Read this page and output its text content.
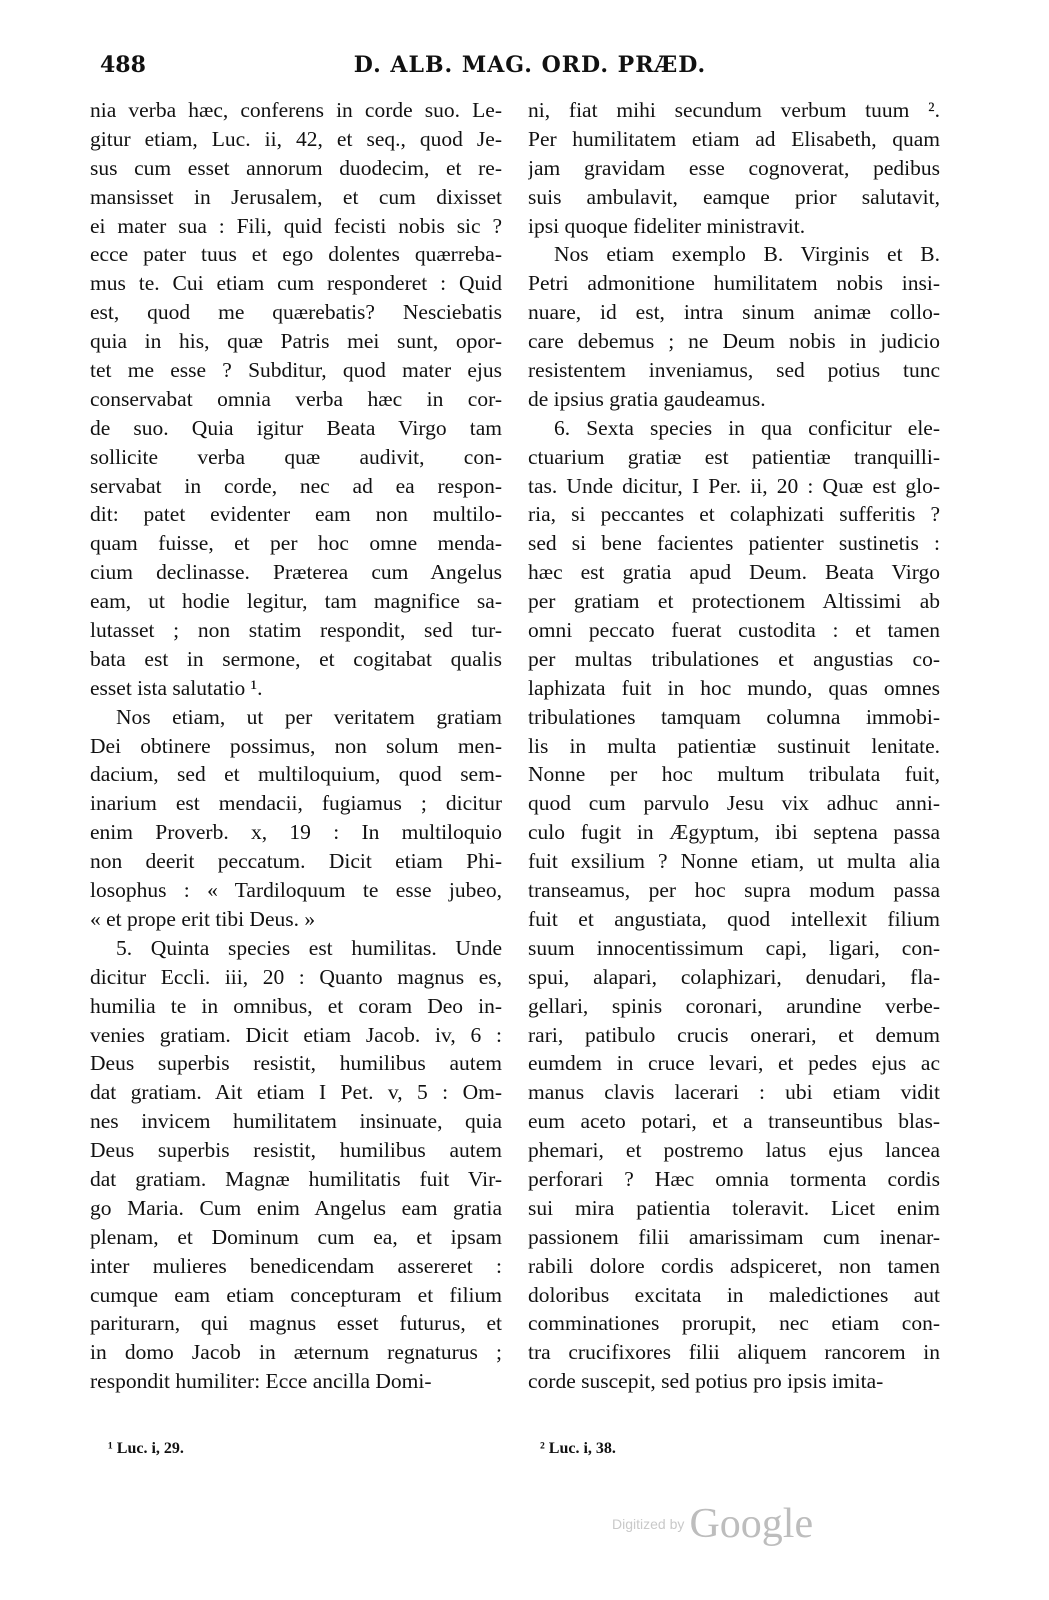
488	D. ALB. MAG. ORD. PRÆD.
nia verba hæc, conferens in corde suo. Le-
gitur etiam, Luc. ii, 42, et seq., quod Je-
sus cum esset annorum duodecim, et re-
mansisset in Jerusalem, et cum dixisset
ei mater sua : Fili, quid fecisti nobis sic ?
ecce pater tuus et ego dolentes quærreba-
mus te. Cui etiam cum responderet : Quid
est, quod me quærebatis? Nesciebatis
quia in his, quæ Patris mei sunt, opor-
tet me esse ? Subditur, quod mater ejus
conservabat omnia verba hæc in cor-
de suo. Quia igitur Beata Virgo tam
sollicite verba quæ audivit, con-
servabat in corde, nec ad ea respon-
dit: patet evidenter eam non multilo-
quam fuisse, et per hoc omne menda-
cium declinasse. Præterea cum Angelus
eam, ut hodie legitur, tam magnifice sa-
lutasset ; non statim respondit, sed tur-
bata est in sermone, et cogitabat qualis
esset ista salutatio ¹.
Nos etiam, ut per veritatem gratiam
Dei obtinere possimus, non solum men-
dacium, sed et multiloquium, quod sem-
inarium est mendacii, fugiamus ; dicitur
enim Proverb. x, 19 : In multiloquio
non deerit peccatum. Dicit etiam Phi-
losophus : « Tardiloquum te esse jubeo,
« et prope erit tibi Deus. »
5. Quinta species est humilitas. Unde
dicitur Eccli. iii, 20 : Quanto magnus es,
humilia te in omnibus, et coram Deo in-
venies gratiam. Dicit etiam Jacob. iv, 6 :
Deus superbis resistit, humilibus autem
dat gratiam. Ait etiam I Pet. v, 5 : Om-
nes invicem humilitatem insinuate, quia
Deus superbis resistit, humilibus autem
dat gratiam. Magnæ humilitatis fuit Vir-
go Maria. Cum enim Angelus eam gratia
plenam, et Dominum cum ea, et ipsam
inter mulieres benedicendam assereret :
cumque eam etiam concepturam et filium
pariturarn, qui magnus esset futurus, et
in domo Jacob in æternum regnaturus ;
respondit humiliter: Ecce ancilla Domi-
ni, fiat mihi secundum verbum tuum ².
Per humilitatem etiam ad Elisabeth, quam
jam gravidam esse cognoverat, pedibus
suis ambulavit, eamque prior salutavit,
ipsi quoque fideliter ministravit.
Nos etiam exemplo B. Virginis et B.
Petri admonitione humilitatem nobis insi-
nuare, id est, intra sinum animæ collo-
care debemus ; ne Deum nobis in judicio
resistentem inveniamus, sed potius tunc
de ipsius gratia gaudeamus.
6. Sexta species in qua conficitur ele-
ctuarium gratiæ est patientiæ tranquilli-
tas. Unde dicitur, I Per. ii, 20 : Quæ est glo-
ria, si peccantes et colaphizati sufferitis ?
sed si bene facientes patienter sustinetis :
hæc est gratia apud Deum. Beata Virgo
per gratiam et protectionem Altissimi ab
omni peccato fuerat custodita : et tamen
per multas tribulationes et angustias co-
laphizata fuit in hoc mundo, quas omnes
tribulationes tamquam columna immobi-
lis in multa patientiæ sustinuit lenitate.
Nonne per hoc multum tribulata fuit,
quod cum parvulo Jesu vix adhuc anni-
culo fugit in Ægyptum, ibi septena passa
fuit exsilium ? Nonne etiam, ut multa alia
transeamus, per hoc supra modum passa
fuit et angustiata, quod intellexit filium
suum innocentissimum capi, ligari, con-
spui, alapari, colaphizari, denudari, fla-
gellari, spinis coronari, arundine verbe-
rari, patibulo crucis onerari, et demum
eumdem in cruce levari, et pedes ejus ac
manus clavis lacerari : ubi etiam vidit
eum aceto potari, et a transeuntibus blas-
phemari, et postremo latus ejus lancea
perforari ? Hæc omnia tormenta cordis
sui mira patientia toleravit. Licet enim
passionem filii amarissimam cum inenar-
rabili dolore cordis adspiceret, non tamen
doloribus excitata in maledictiones aut
comminationes prorupit, nec etiam con-
tra crucifixores filii aliquem rancorem in
corde suscepit, sed potius pro ipsis imita-
¹ Luc. i, 29.	² Luc. i, 38.
Digitized by Google
